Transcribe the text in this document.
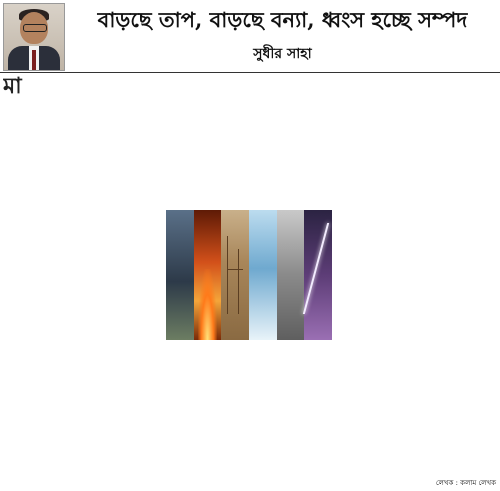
বাড়ছে তাপ, বাড়ছে বন্যা, ধ্বংস হচ্ছে সম্পদ
সুধীর সাহা
মা
লেখক : কলাম লেখক
